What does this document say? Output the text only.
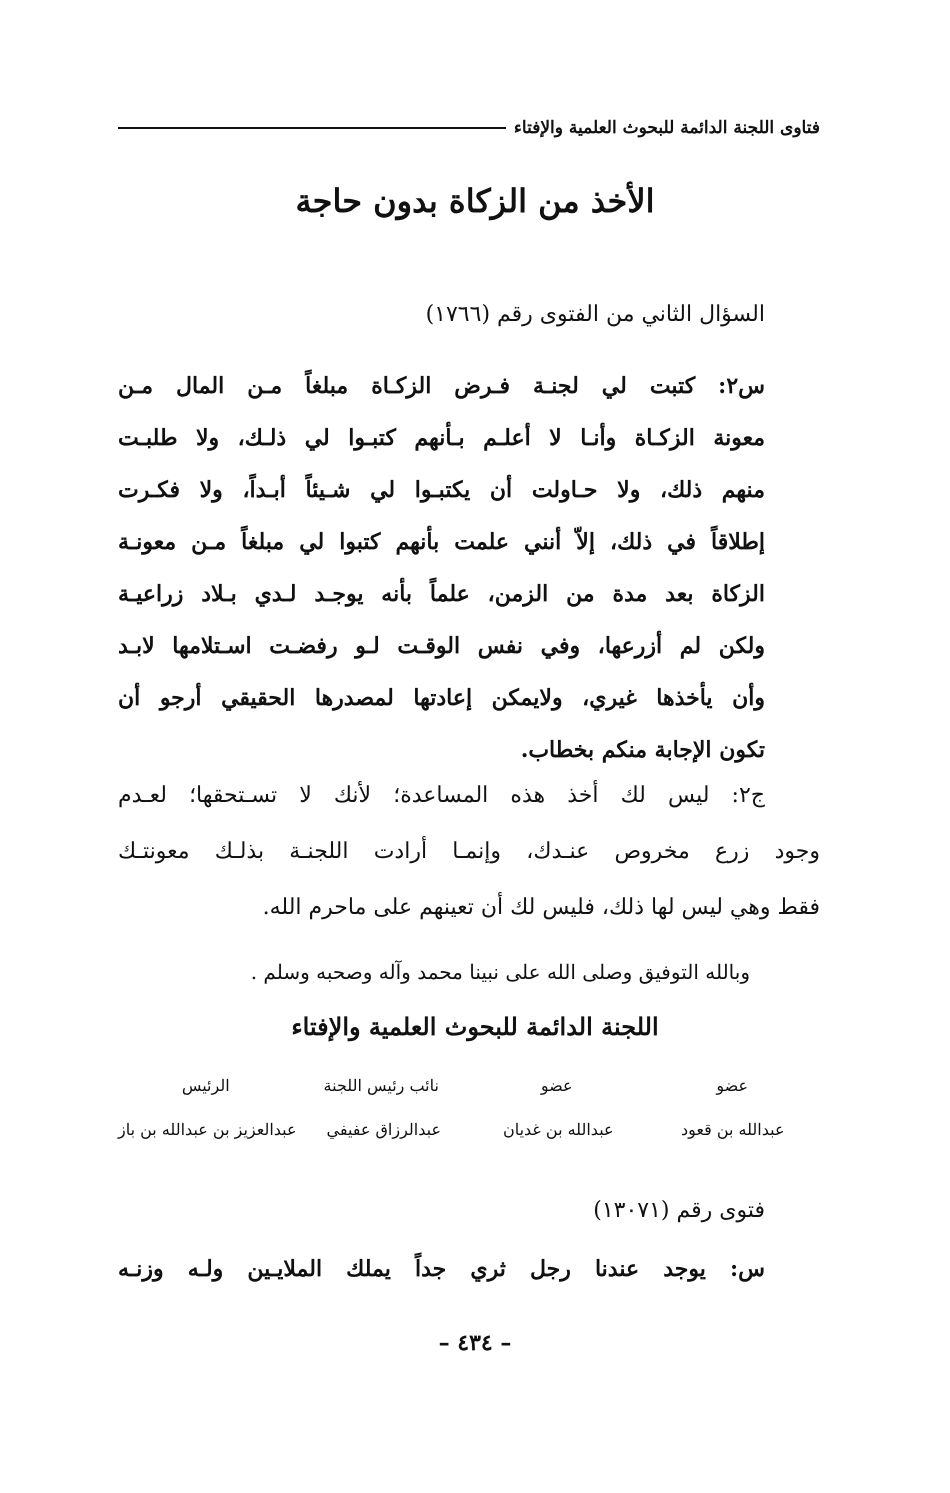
فتاوى اللجنة الدائمة للبحوث العلمية والإفتاء
الأخذ من الزكاة بدون حاجة
السؤال الثاني من الفتوى رقم (١٧٦٦)
س٢: كتبت لي لجنـة فـرض الزكـاة مبلغاً مـن المال مـن
معونة الزكـاة وأنـا لا أعلـم بـأنهم كتبـوا لي ذلـك، ولا طلبـت
منهم ذلك، ولا حـاولت أن يكتبـوا لي شـيئاً أبـداً، ولا فكـرت
إطلاقاً في ذلك، إلاّ أنني علمت بأنهم كتبوا لي مبلغاً مـن معونـة
الزكاة بعد مدة من الزمن، علماً بأنه يوجـد لـدي بـلاد زراعيـة
ولكن لم أزرعها، وفي نفس الوقـت لـو رفضـت اسـتلامها لابـد
وأن يأخذها غيري، ولايمكن إعادتها لمصدرها الحقيقي أرجو أن
تكون الإجابة منكم بخطاب.
ج٢: ليس لك أخذ هذه المساعدة؛ لأنك لا تسـتحقها؛ لعـدم
وجود زرع مخروص عنـدك، وإنمـا أرادت اللجنـة بذلـك معونتـك
فقط وهي ليس لها ذلك، فليس لك أن تعينهم على ماحرم الله.
وبالله التوفيق وصلى الله على نبينا محمد وآله وصحبه وسلم .
اللجنة الدائمة للبحوث العلمية والإفتاء
عضو
عضو
نائب رئيس اللجنة
الرئيس
عبدالله بن قعود
عبدالله بن غديان
عبدالرزاق عفيفي
عبدالعزيز بن عبدالله بن باز
فتوى رقم (١٣٠٧١)
س: يوجد عندنا رجل ثري جداً يملك الملايـين ولـه وزنـه
– ٤٣٤ –
